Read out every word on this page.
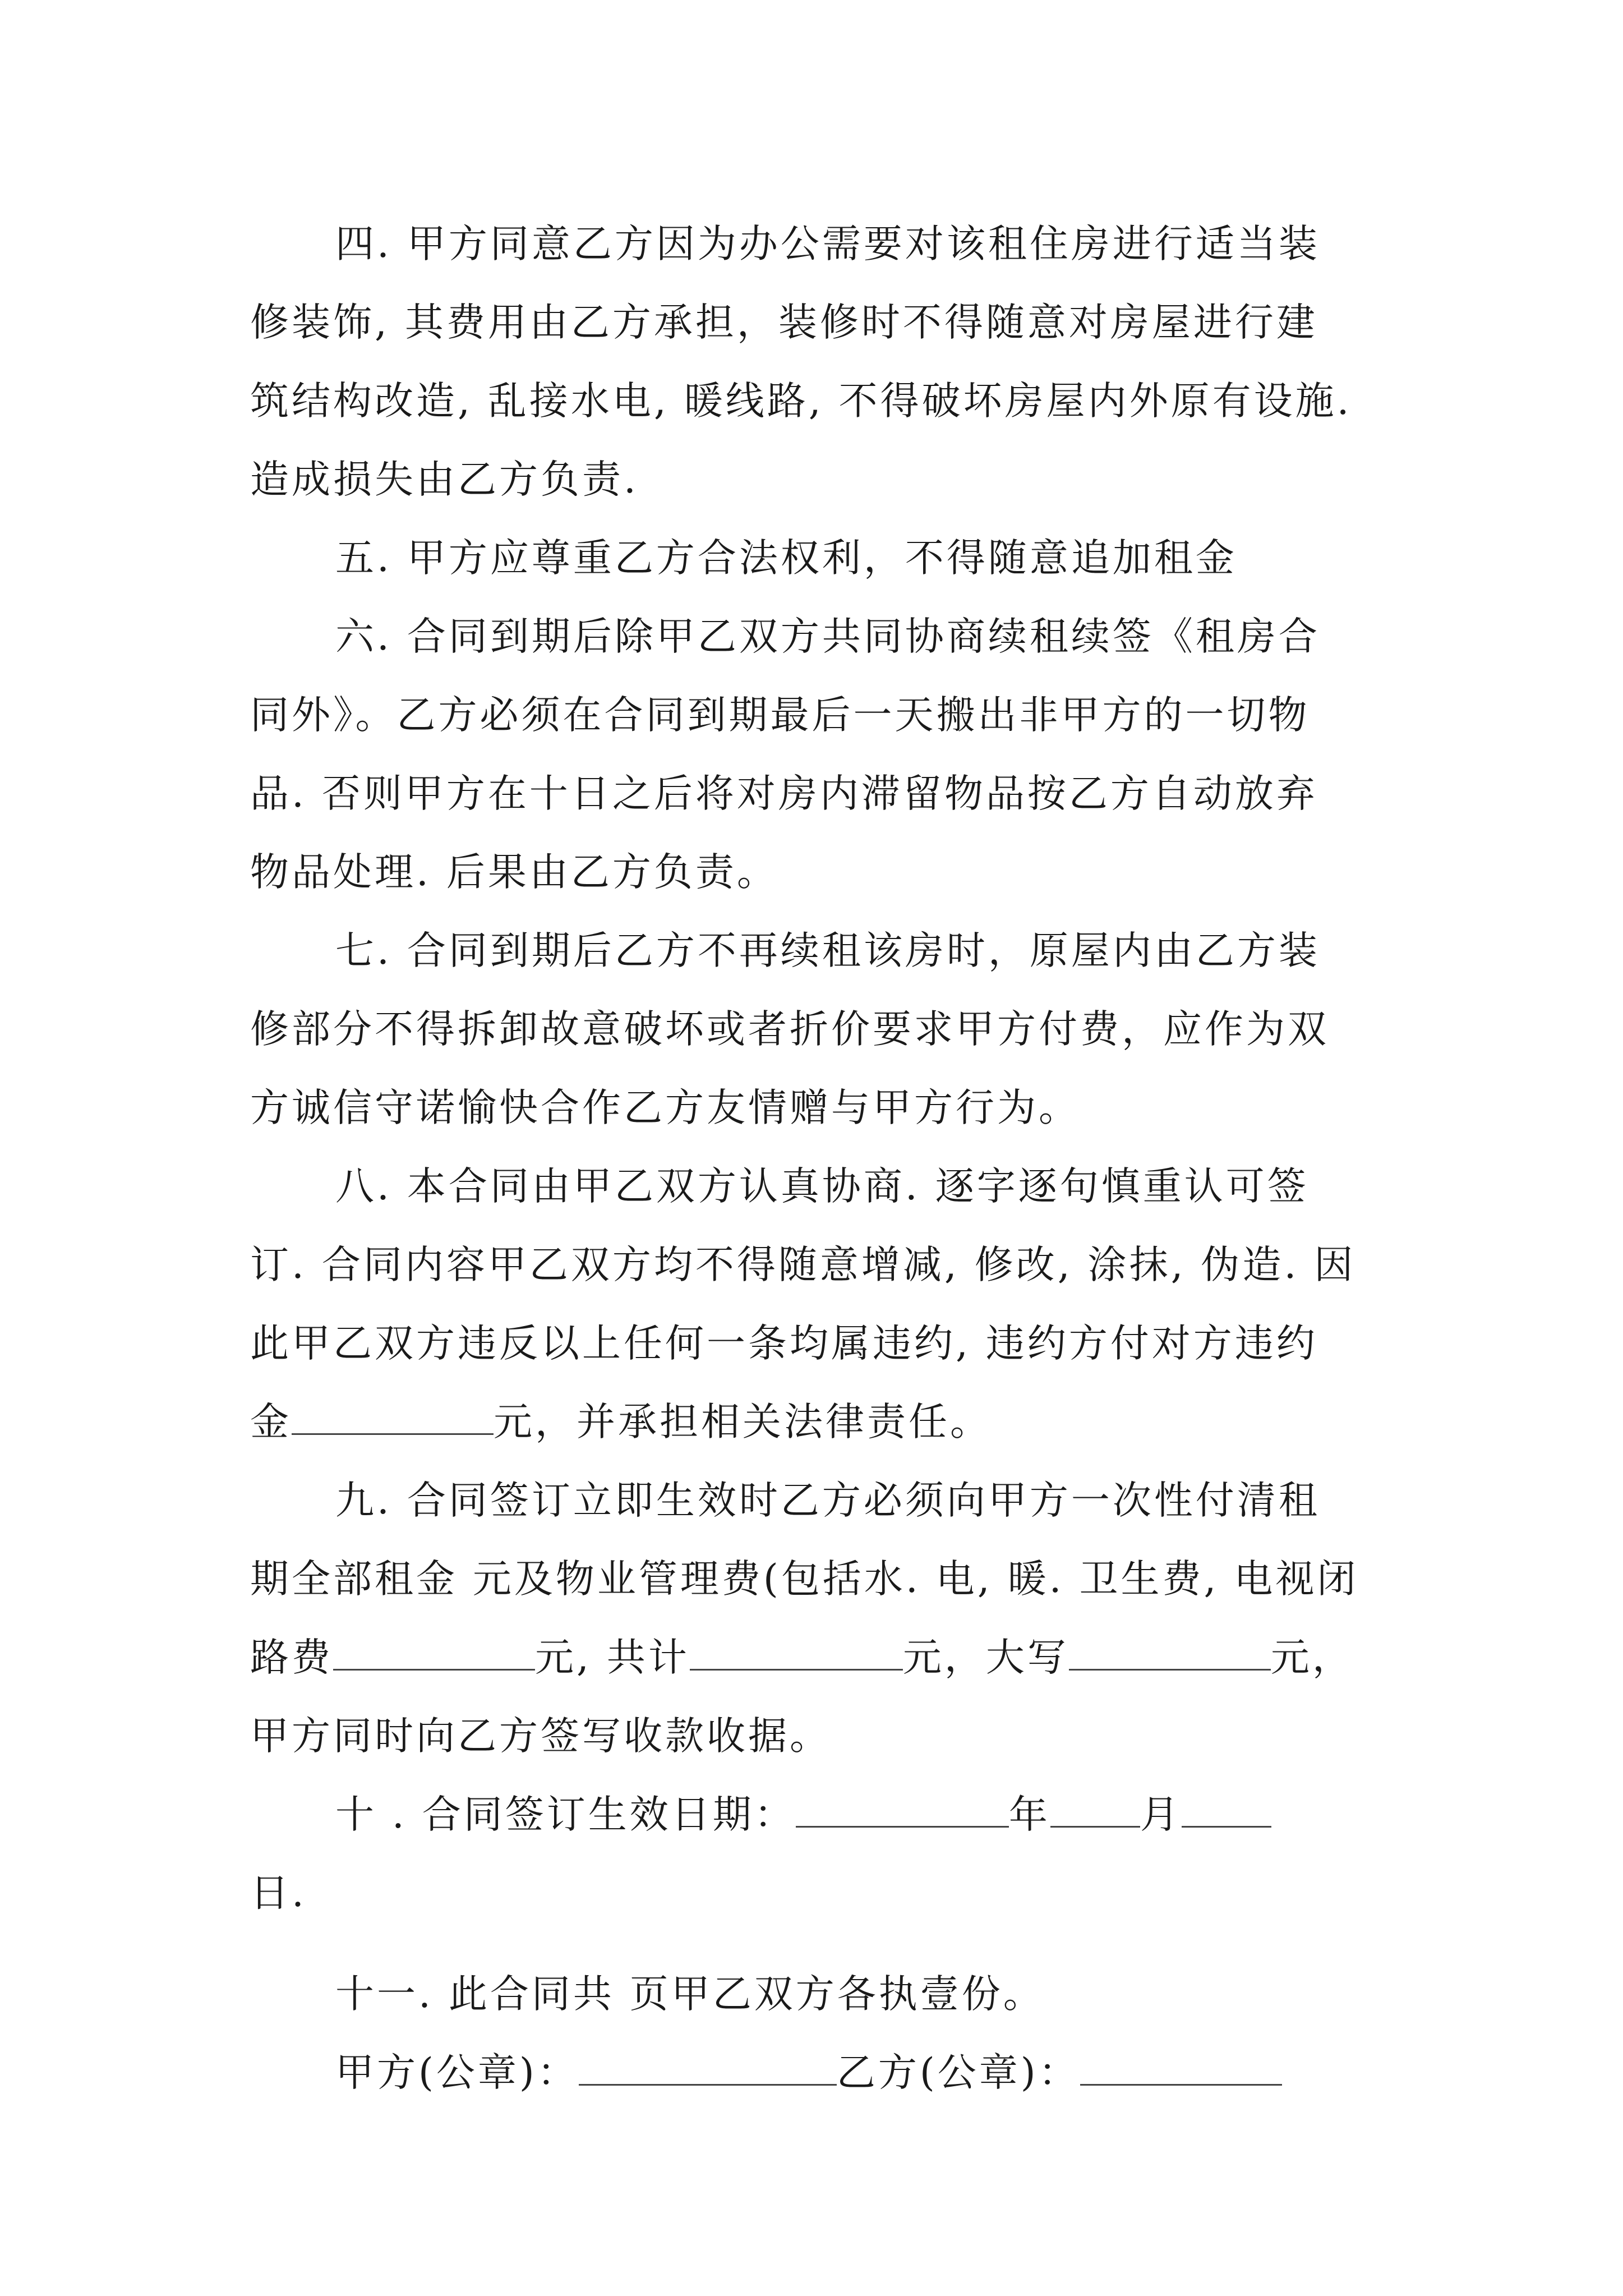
四. 甲方同意乙方因为办公需要对该租住房进行适当装
修装饰, 其费用由乙方承担，装修时不得随意对房屋进行建
筑结构改造, 乱接水电, 暖线路, 不得破坏房屋内外原有设施.
造成损失由乙方负责.
五. 甲方应尊重乙方合法权利，不得随意追加租金
六. 合同到期后除甲乙双方共同协商续租续签《租房合
同外》。乙方必须在合同到期最后一天搬出非甲方的一切物
品. 否则甲方在十日之后将对房内滞留物品按乙方自动放弃
物品处理. 后果由乙方负责。
七. 合同到期后乙方不再续租该房时，原屋内由乙方装
修部分不得拆卸故意破坏或者折价要求甲方付费，应作为双
方诚信守诺愉快合作乙方友情赠与甲方行为。
八. 本合同由甲乙双方认真协商. 逐字逐句慎重认可签
订. 合同内容甲乙双方均不得随意增减, 修改, 涂抹, 伪造. 因
此甲乙双方违反以上任何一条均属违约, 违约方付对方违约
金	元，并承担相关法律责任。
九. 合同签订立即生效时乙方必须向甲方一次性付清租
期全部租金 元及物业管理费(包括水. 电, 暖. 卫生费, 电视闭
路费	元, 共计	元，大写	元，
甲方同时向乙方签写收款收据。
十 . 合同签订生效日期：	年 月
日.
十一. 此合同共 页甲乙双方各执壹份。
甲方(公章)：	乙方(公章)：
